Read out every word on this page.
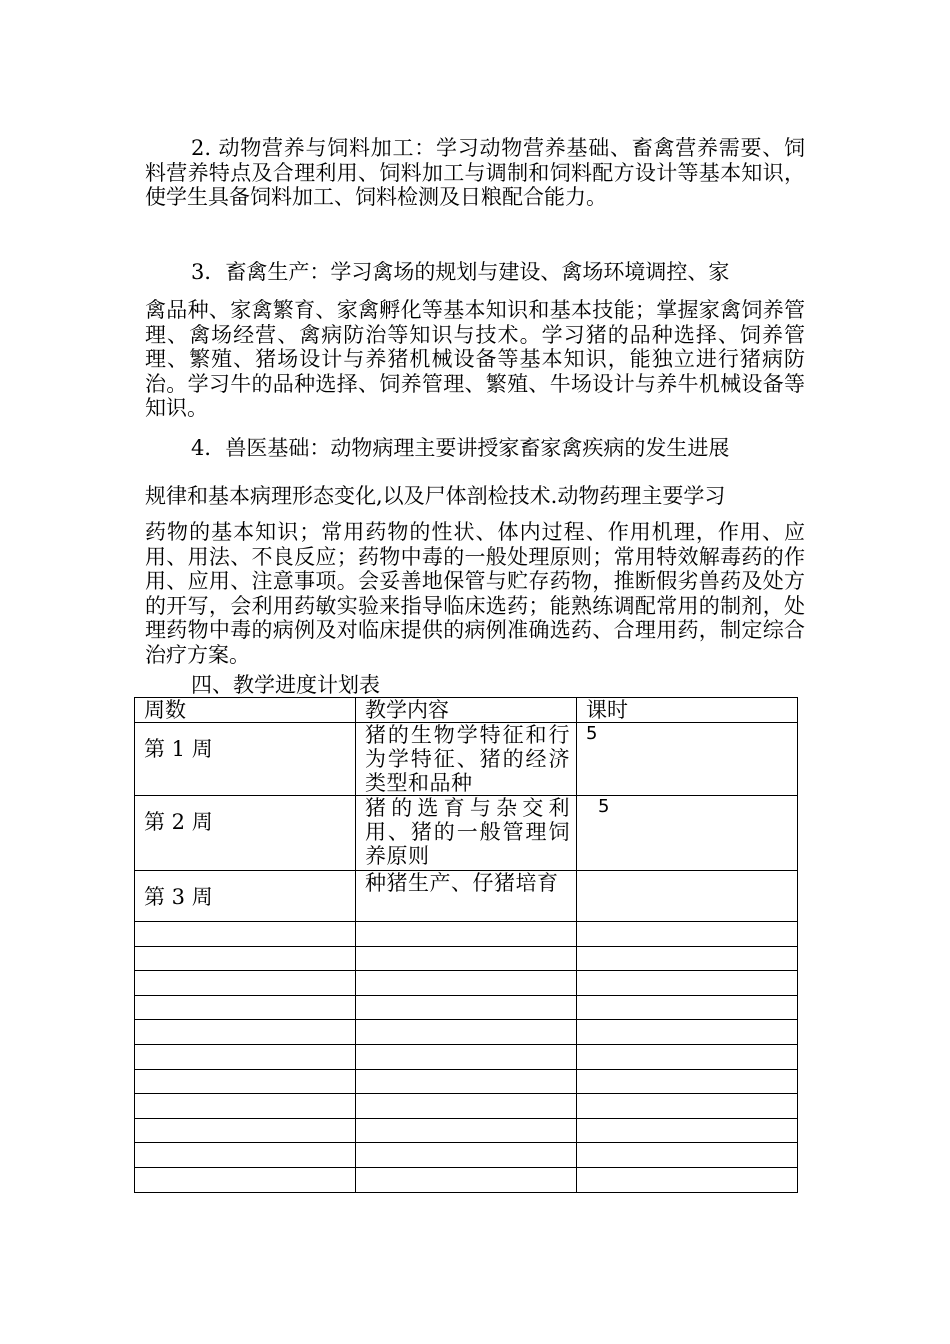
2. 动物营养与饲料加工：学习动物营养基础、畜禽营养需要、饲料营养特点及合理利用、饲料加工与调制和饲料配方设计等基本知识，使学生具备饲料加工、饲料检测及日粮配合能力。

3．畜禽生产：学习禽场的规划与建设、禽场环境调控、家

禽品种、家禽繁育、家禽孵化等基本知识和基本技能；掌握家禽饲养管理、禽场经营、禽病防治等知识与技术。学习猪的品种选择、饲养管理、繁殖、猪场设计与养猪机械设备等基本知识，能独立进行猪病防治。学习牛的品种选择、饲养管理、繁殖、牛场设计与养牛机械设备等知识。

4．兽医基础：动物病理主要讲授家畜家禽疾病的发生进展

规律和基本病理形态变化,以及尸体剖检技术.动物药理主要学习

药物的基本知识；常用药物的性状、体内过程、作用机理，作用、应用、用法、不良反应；药物中毒的一般处理原则；常用特效解毒药的作用、应用、注意事项。会妥善地保管与贮存药物，推断假劣兽药及处方的开写，会利用药敏实验来指导临床选药；能熟练调配常用的制剂，处理药物中毒的病例及对临床提供的病例准确选药、合理用药，制定综合治疗方案。

四、教学进度计划表

周数	教学内容	课时

第 1 周	猪的生物学特征和行为学特征、猪的经济类型和品种	5

第 2 周	猪的选育与杂交利用、猪的一般管理饲养原则	5

第 3 周	种猪生产、仔猪培育	
